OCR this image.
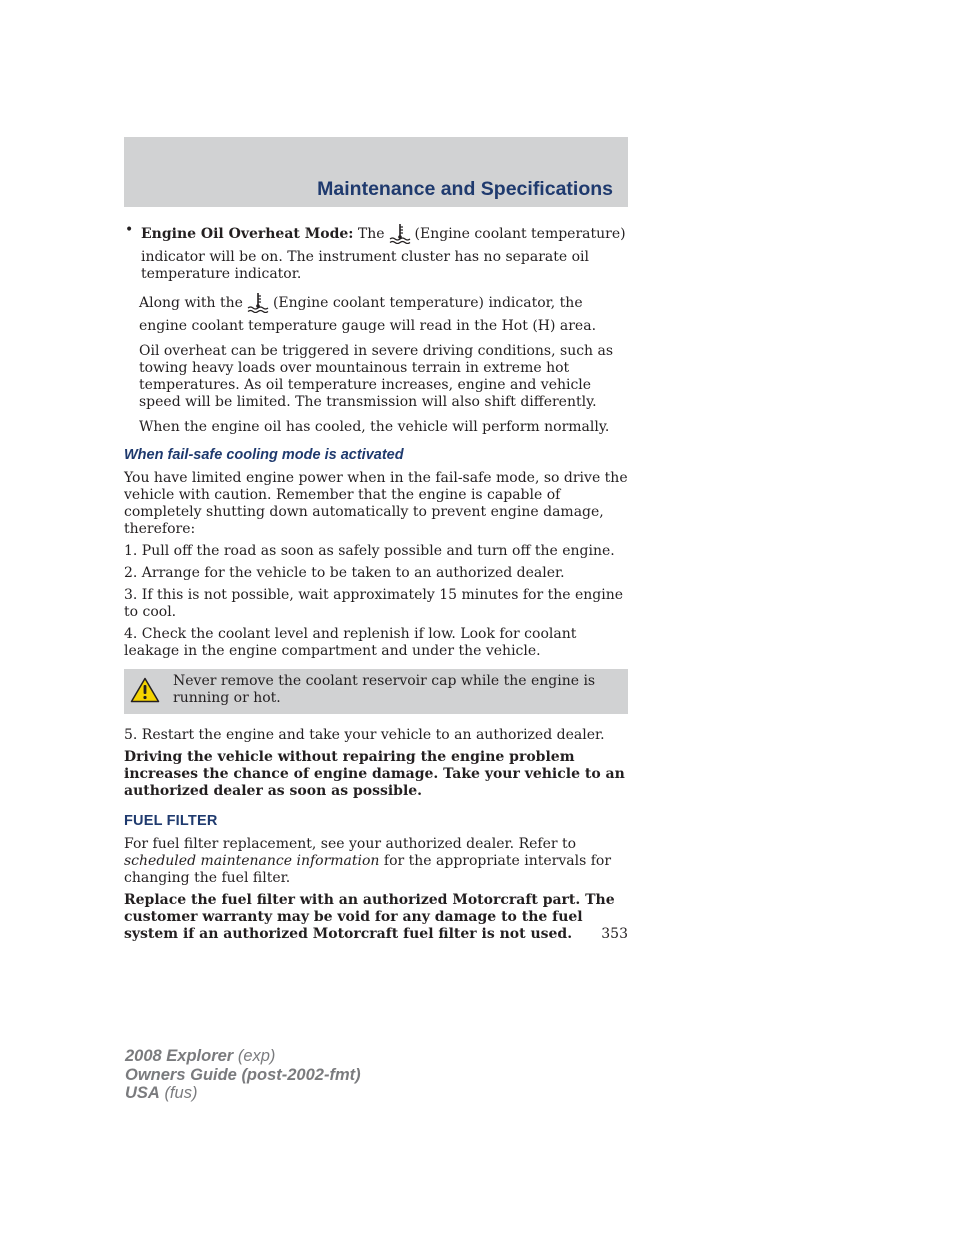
Maintenance and Specifications
• Engine Oil Overheat Mode: The (Engine coolant temperature) indicator will be on. The instrument cluster has no separate oil temperature indicator.

Along with the (Engine coolant temperature) indicator, the engine coolant temperature gauge will read in the Hot (H) area.

Oil overheat can be triggered in severe driving conditions, such as towing heavy loads over mountainous terrain in extreme hot temperatures. As oil temperature increases, engine and vehicle speed will be limited. The transmission will also shift differently.

When the engine oil has cooled, the vehicle will perform normally.

When fail-safe cooling mode is activated

You have limited engine power when in the fail-safe mode, so drive the vehicle with caution. Remember that the engine is capable of completely shutting down automatically to prevent engine damage, therefore:

1. Pull off the road as soon as safely possible and turn off the engine.

2. Arrange for the vehicle to be taken to an authorized dealer.

3. If this is not possible, wait approximately 15 minutes for the engine to cool.

4. Check the coolant level and replenish if low. Look for coolant leakage in the engine compartment and under the vehicle.

Never remove the coolant reservoir cap while the engine is running or hot.

5. Restart the engine and take your vehicle to an authorized dealer.

Driving the vehicle without repairing the engine problem increases the chance of engine damage. Take your vehicle to an authorized dealer as soon as possible.

FUEL FILTER

For fuel filter replacement, see your authorized dealer. Refer to scheduled maintenance information for the appropriate intervals for changing the fuel filter.

Replace the fuel filter with an authorized Motorcraft part. The customer warranty may be void for any damage to the fuel system if an authorized Motorcraft fuel filter is not used.	353
2008 Explorer (exp)
Owners Guide (post-2002-fmt)
USA (fus)
